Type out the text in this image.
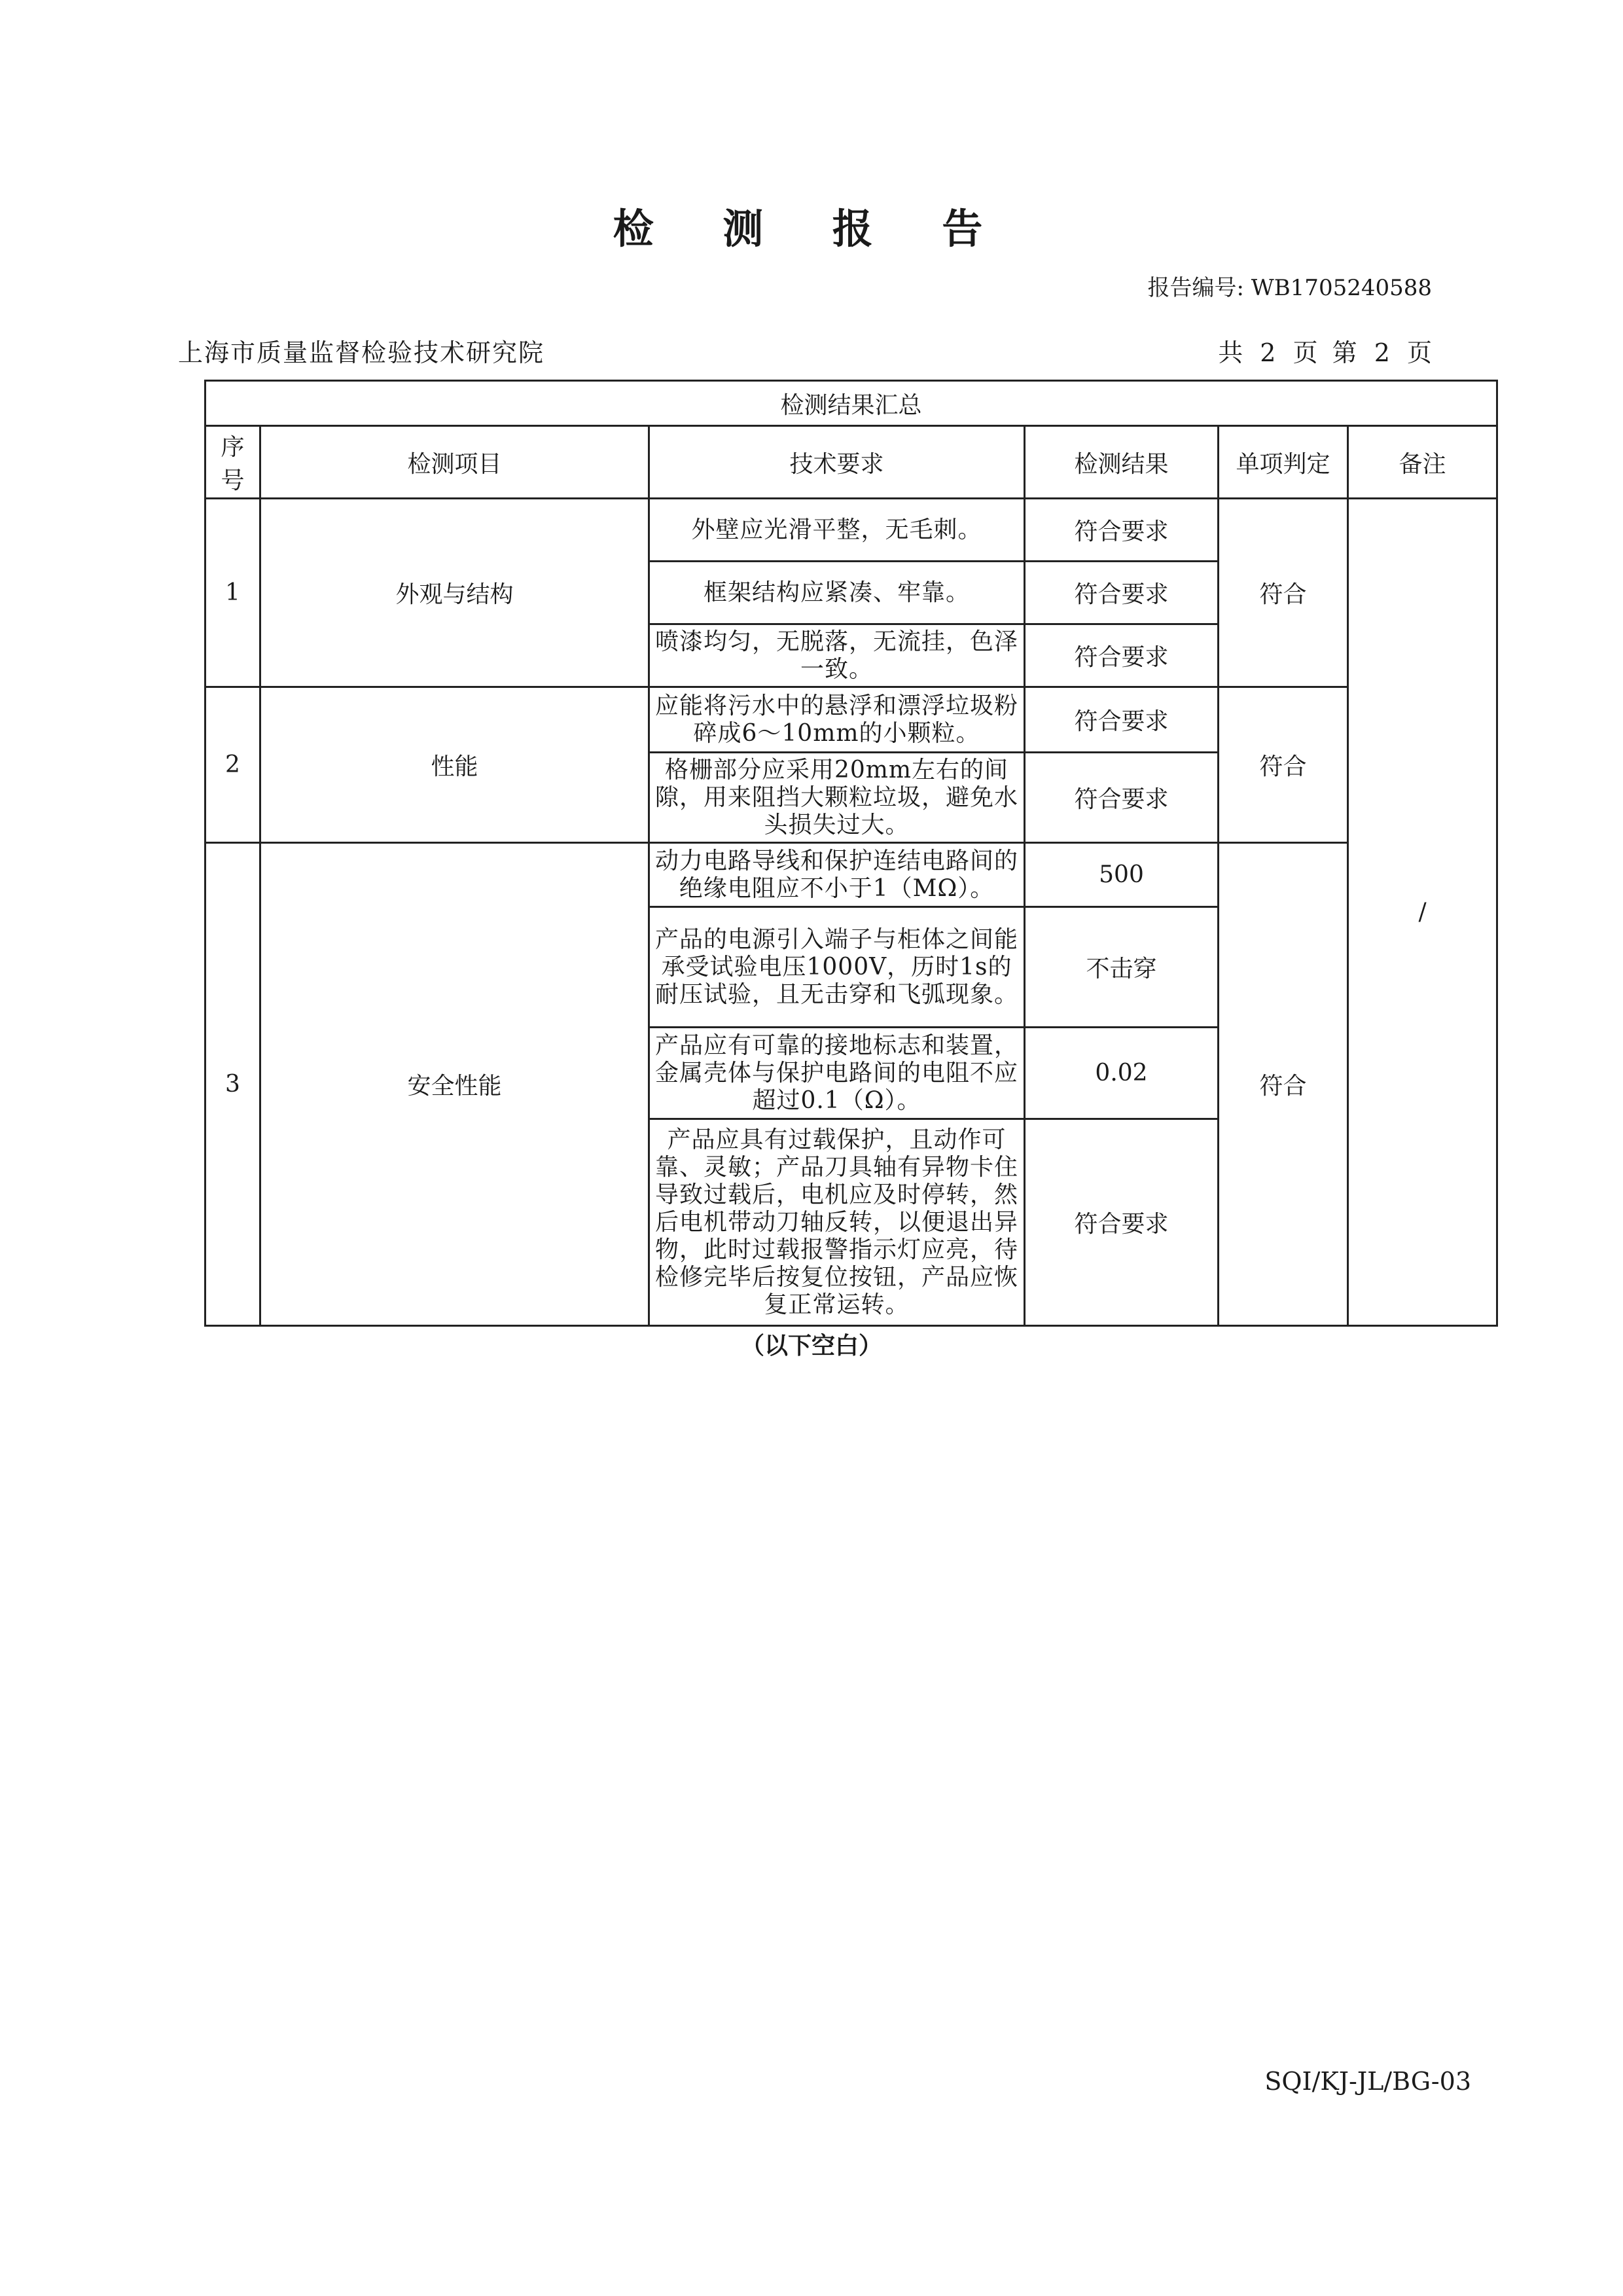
检 测 报 告
报告编号: WB1705240588
上海市质量监督检验技术研究院	共 2 页 第 2 页
检测结果汇总					
序号	检测项目	技术要求	检测结果	单项判定	备注
1	外观与结构	外壁应光滑平整，无毛刺。	符合要求	符合	/
		框架结构应紧凑、牢靠。	符合要求		
		喷漆均匀，无脱落，无流挂，色泽一致。	符合要求		
2	性能	应能将污水中的悬浮和漂浮垃圾粉碎成6～10mm的小颗粒。	符合要求	符合	
		格栅部分应采用20mm左右的间隙，用来阻挡大颗粒垃圾，避免水头损失过大。	符合要求		
3	安全性能	动力电路导线和保护连结电路间的绝缘电阻应不小于1（MΩ）。	500	符合	
		产品的电源引入端子与柜体之间能承受试验电压1000V，历时1s的耐压试验，且无击穿和飞弧现象。	不击穿		
		产品应有可靠的接地标志和装置，金属壳体与保护电路间的电阻不应超过0.1（Ω）。	0.02		
		产品应具有过载保护，且动作可靠、灵敏；产品刀具轴有异物卡住导致过载后，电机应及时停转，然后电机带动刀轴反转，以便退出异物，此时过载报警指示灯应亮，待检修完毕后按复位按钮，产品应恢复正常运转。	符合要求		
（以下空白）
SQI/KJ-JL/BG-03
